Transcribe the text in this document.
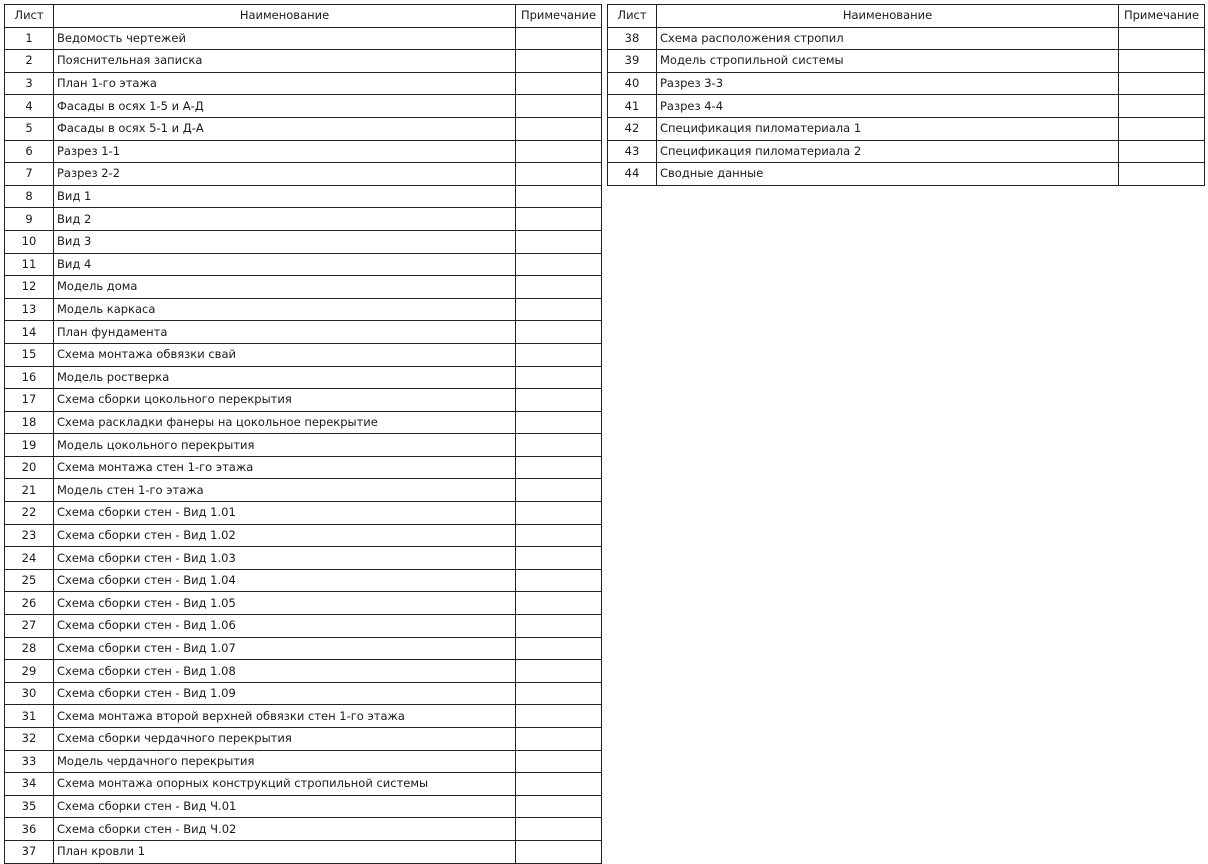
Лист	Наименование	Примечание
1	Ведомость чертежей	
2	Пояснительная записка	
3	План 1-го этажа	
4	Фасады в осях 1-5 и А-Д	
5	Фасады в осях 5-1 и Д-А	
6	Разрез 1-1	
7	Разрез 2-2	
8	Вид 1	
9	Вид 2	
10	Вид 3	
11	Вид 4	
12	Модель дома	
13	Модель каркаса	
14	План фундамента	
15	Схема монтажа обвязки свай	
16	Модель ростверка	
17	Схема сборки цокольного перекрытия	
18	Схема раскладки фанеры на цокольное перекрытие	
19	Модель цокольного перекрытия	
20	Схема монтажа стен 1-го этажа	
21	Модель стен 1-го этажа	
22	Схема сборки стен - Вид 1.01	
23	Схема сборки стен - Вид 1.02	
24	Схема сборки стен - Вид 1.03	
25	Схема сборки стен - Вид 1.04	
26	Схема сборки стен - Вид 1.05	
27	Схема сборки стен - Вид 1.06	
28	Схема сборки стен - Вид 1.07	
29	Схема сборки стен - Вид 1.08	
30	Схема сборки стен - Вид 1.09	
31	Схема монтажа второй верхней обвязки стен 1-го этажа	
32	Схема сборки чердачного перекрытия	
33	Модель чердачного перекрытия	
34	Схема монтажа опорных конструкций стропильной системы	
35	Схема сборки стен - Вид Ч.01	
36	Схема сборки стен - Вид Ч.02	
37	План кровли 1	
Лист	Наименование	Примечание
38	Схема расположения стропил	
39	Модель стропильной системы	
40	Разрез 3-3	
41	Разрез 4-4	
42	Спецификация пиломатериала 1	
43	Спецификация пиломатериала 2	
44	Сводные данные	
